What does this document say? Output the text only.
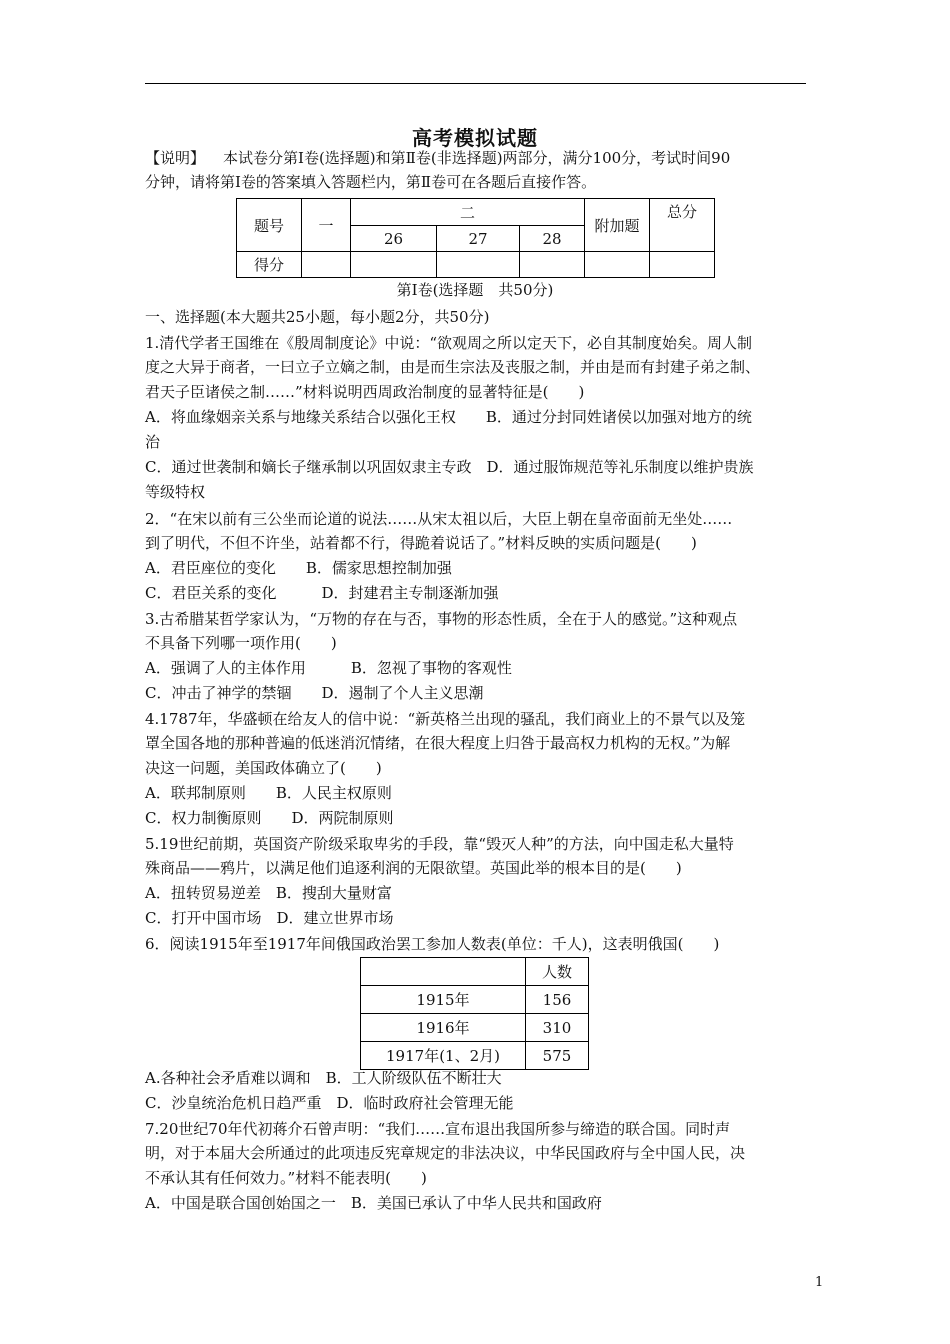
高考模拟试题
【说明】 本试卷分第Ⅰ卷(选择题)和第Ⅱ卷(非选择题)两部分，满分100分，考试时间90
分钟，请将第Ⅰ卷的答案填入答题栏内，第Ⅱ卷可在各题后直接作答。
题号	一	二			附加题	总分
		26	27	28		
得分						
第Ⅰ卷(选择题　共50分)
一、选择题(本大题共25小题，每小题2分，共50分)
1.清代学者王国维在《殷周制度论》中说：“欲观周之所以定天下，必自其制度始矣。周人制
度之大异于商者，一曰立子立嫡之制，由是而生宗法及丧服之制，并由是而有封建子弟之制、
君天子臣诸侯之制……”材料说明西周政治制度的显著特征是(　　)
A．将血缘姻亲关系与地缘关系结合以强化王权　　B．通过分封同姓诸侯以加强对地方的统
治
C．通过世袭制和嫡长子继承制以巩固奴隶主专政　D．通过服饰规范等礼乐制度以维护贵族
等级特权
2．“在宋以前有三公坐而论道的说法……从宋太祖以后，大臣上朝在皇帝面前无坐处……
到了明代，不但不许坐，站着都不行，得跪着说话了。”材料反映的实质问题是(　　)
A．君臣座位的变化　　B．儒家思想控制加强
C．君臣关系的变化　　　D．封建君主专制逐渐加强
3.古希腊某哲学家认为，“万物的存在与否，事物的形态性质，全在于人的感觉。”这种观点
不具备下列哪一项作用(　　)
A．强调了人的主体作用　　　B．忽视了事物的客观性
C．冲击了神学的禁锢　　D．遏制了个人主义思潮
4.1787年，华盛顿在给友人的信中说：“新英格兰出现的骚乱，我们商业上的不景气以及笼
罩全国各地的那种普遍的低迷消沉情绪，在很大程度上归咎于最高权力机构的无权。”为解
决这一问题，美国政体确立了(　　)
A．联邦制原则　　B．人民主权原则
C．权力制衡原则　　D．两院制原则
5.19世纪前期，英国资产阶级采取卑劣的手段，靠“毁灭人种”的方法，向中国走私大量特
殊商品——鸦片，以满足他们追逐利润的无限欲望。英国此举的根本目的是(　　)
A．扭转贸易逆差　B．搜刮大量财富
C．打开中国市场　D．建立世界市场
6．阅读1915年至1917年间俄国政治罢工参加人数表(单位：千人)，这表明俄国(　　)
	人数
1915年	156
1916年	310
1917年(1、2月)	575
A.各种社会矛盾难以调和　B．工人阶级队伍不断壮大
C．沙皇统治危机日趋严重　D．临时政府社会管理无能
7.20世纪70年代初蒋介石曾声明：“我们……宣布退出我国所参与缔造的联合国。同时声
明，对于本届大会所通过的此项违反宪章规定的非法决议，中华民国政府与全中国人民，决
不承认其有任何效力。”材料不能表明(　　)
A．中国是联合国创始国之一　B．美国已承认了中华人民共和国政府
1
